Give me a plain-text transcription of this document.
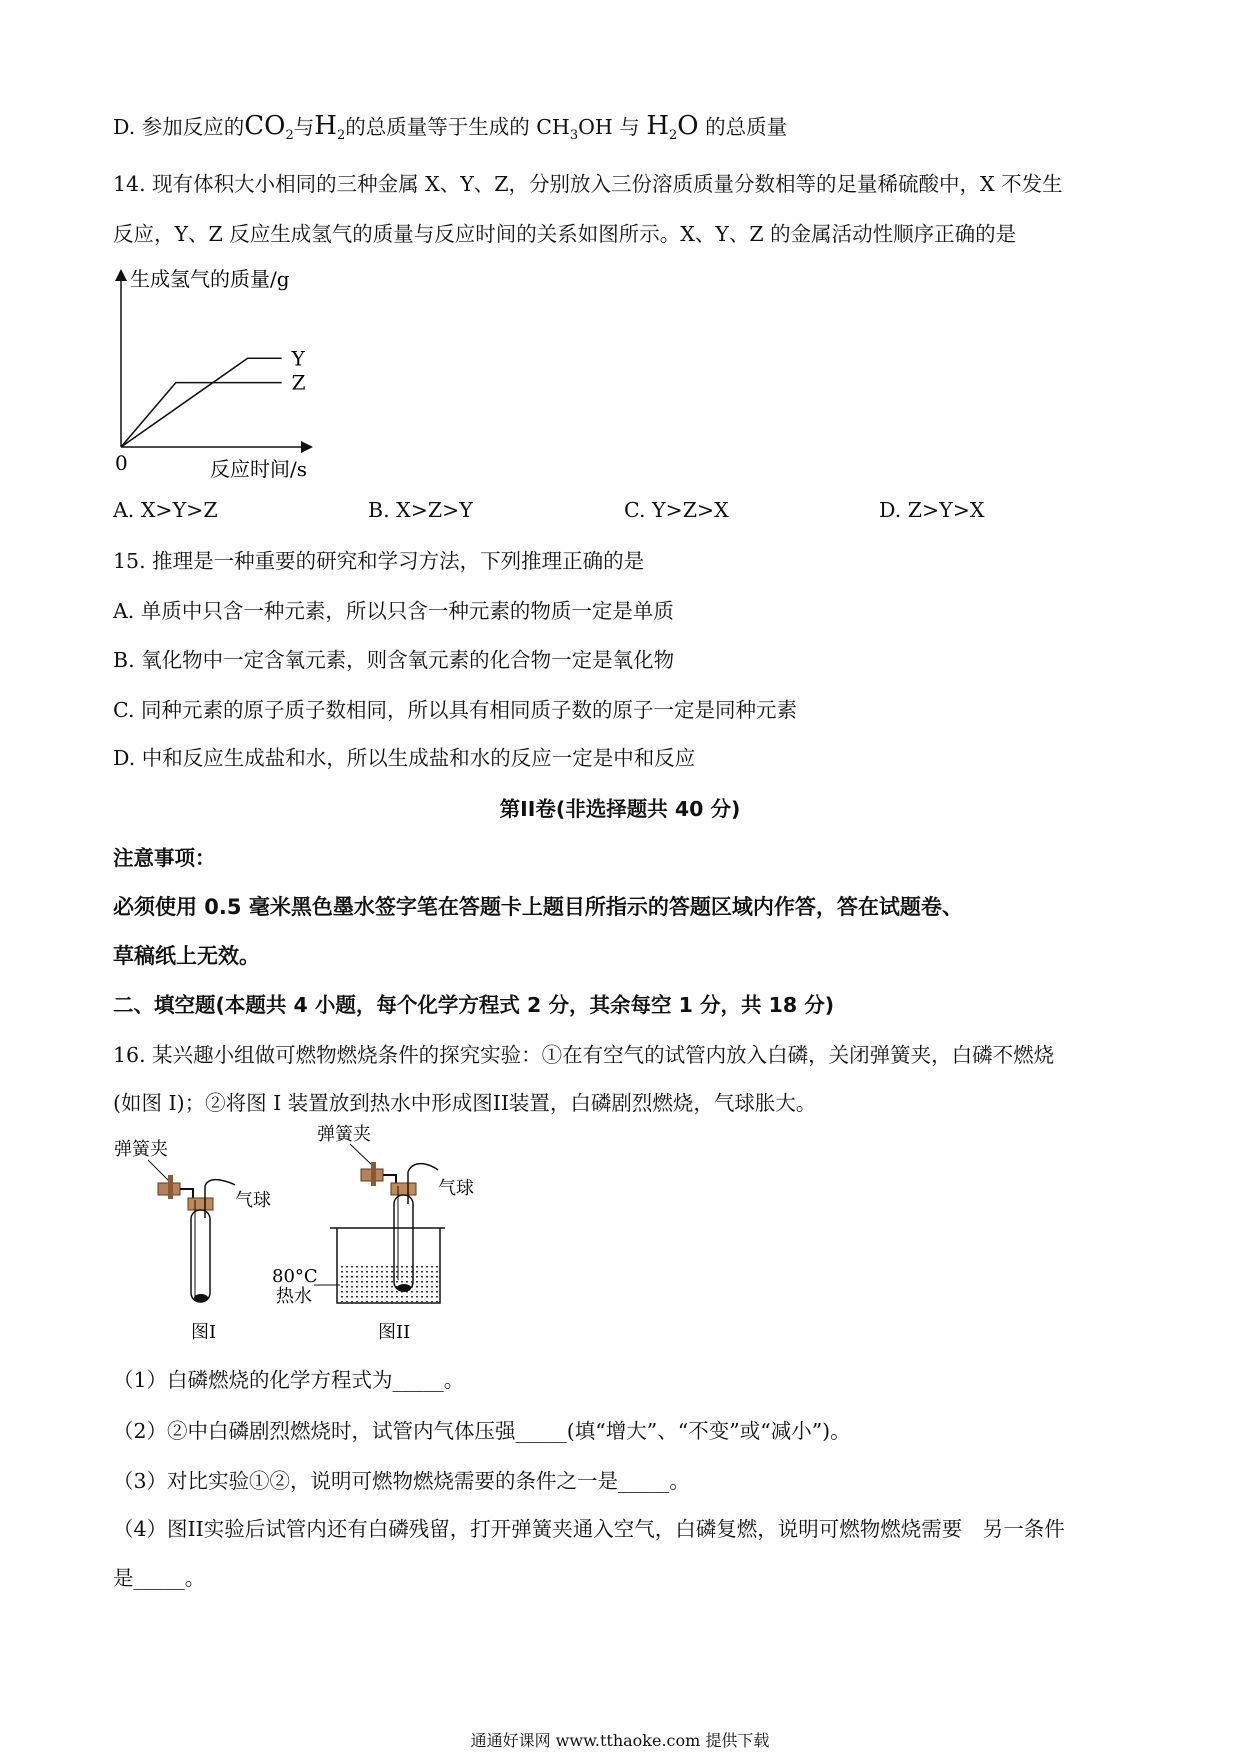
D. 参加反应的$CO_2$与$H_2$的总质量等于生成的 $CH_3OH$ 与 $H_2O$ 的总质量
14. 现有体积大小相同的三种金属 X、Y、Z，分别放入三份溶质质量分数相等的足量稀硫酸中，X 不发生
反应，Y、Z 反应生成氢气的质量与反应时间的关系如图所示。X、Y、Z 的金属活动性顺序正确的是
生成氢气的质量/g
反应时间/s
0
Y
Z
A. X>Y>Z	B. X>Z>Y	C. Y>Z>X	D. Z>Y>X
15. 推理是一种重要的研究和学习方法，下列推理正确的是
A. 单质中只含一种元素，所以只含一种元素的物质一定是单质
B. 氧化物中一定含氧元素，则含氧元素的化合物一定是氧化物
C. 同种元素的原子质子数相同，所以具有相同质子数的原子一定是同种元素
D. 中和反应生成盐和水，所以生成盐和水的反应一定是中和反应
第II卷(非选择题共 40 分)
注意事项：
必须使用 0.5 毫米黑色墨水签字笔在答题卡上题目所指示的答题区域内作答，答在试题卷、
草稿纸上无效。
二、填空题(本题共 4 小题，每个化学方程式 2 分，其余每空 1 分，共 18 分)
16. 某兴趣小组做可燃物燃烧条件的探究实验：①在有空气的试管内放入白磷，关闭弹簧夹，白磷不燃烧
(如图 I)；②将图 I 装置放到热水中形成图II装置，白磷剧烈燃烧，气球胀大。
弹簧夹
气球
图I
弹簧夹
气球
80°C
热水
图II
（1）白磷燃烧的化学方程式为_____。
（2）②中白磷剧烈燃烧时，试管内气体压强_____(填“增大”、“不变”或“减小”)。
（3）对比实验①②，说明可燃物燃烧需要的条件之一是_____。
（4）图II实验后试管内还有白磷残留，打开弹簧夹通入空气，白磷复燃，说明可燃物燃烧需要　另一条件
是_____。
通通好课网 www.tthaoke.com 提供下载
